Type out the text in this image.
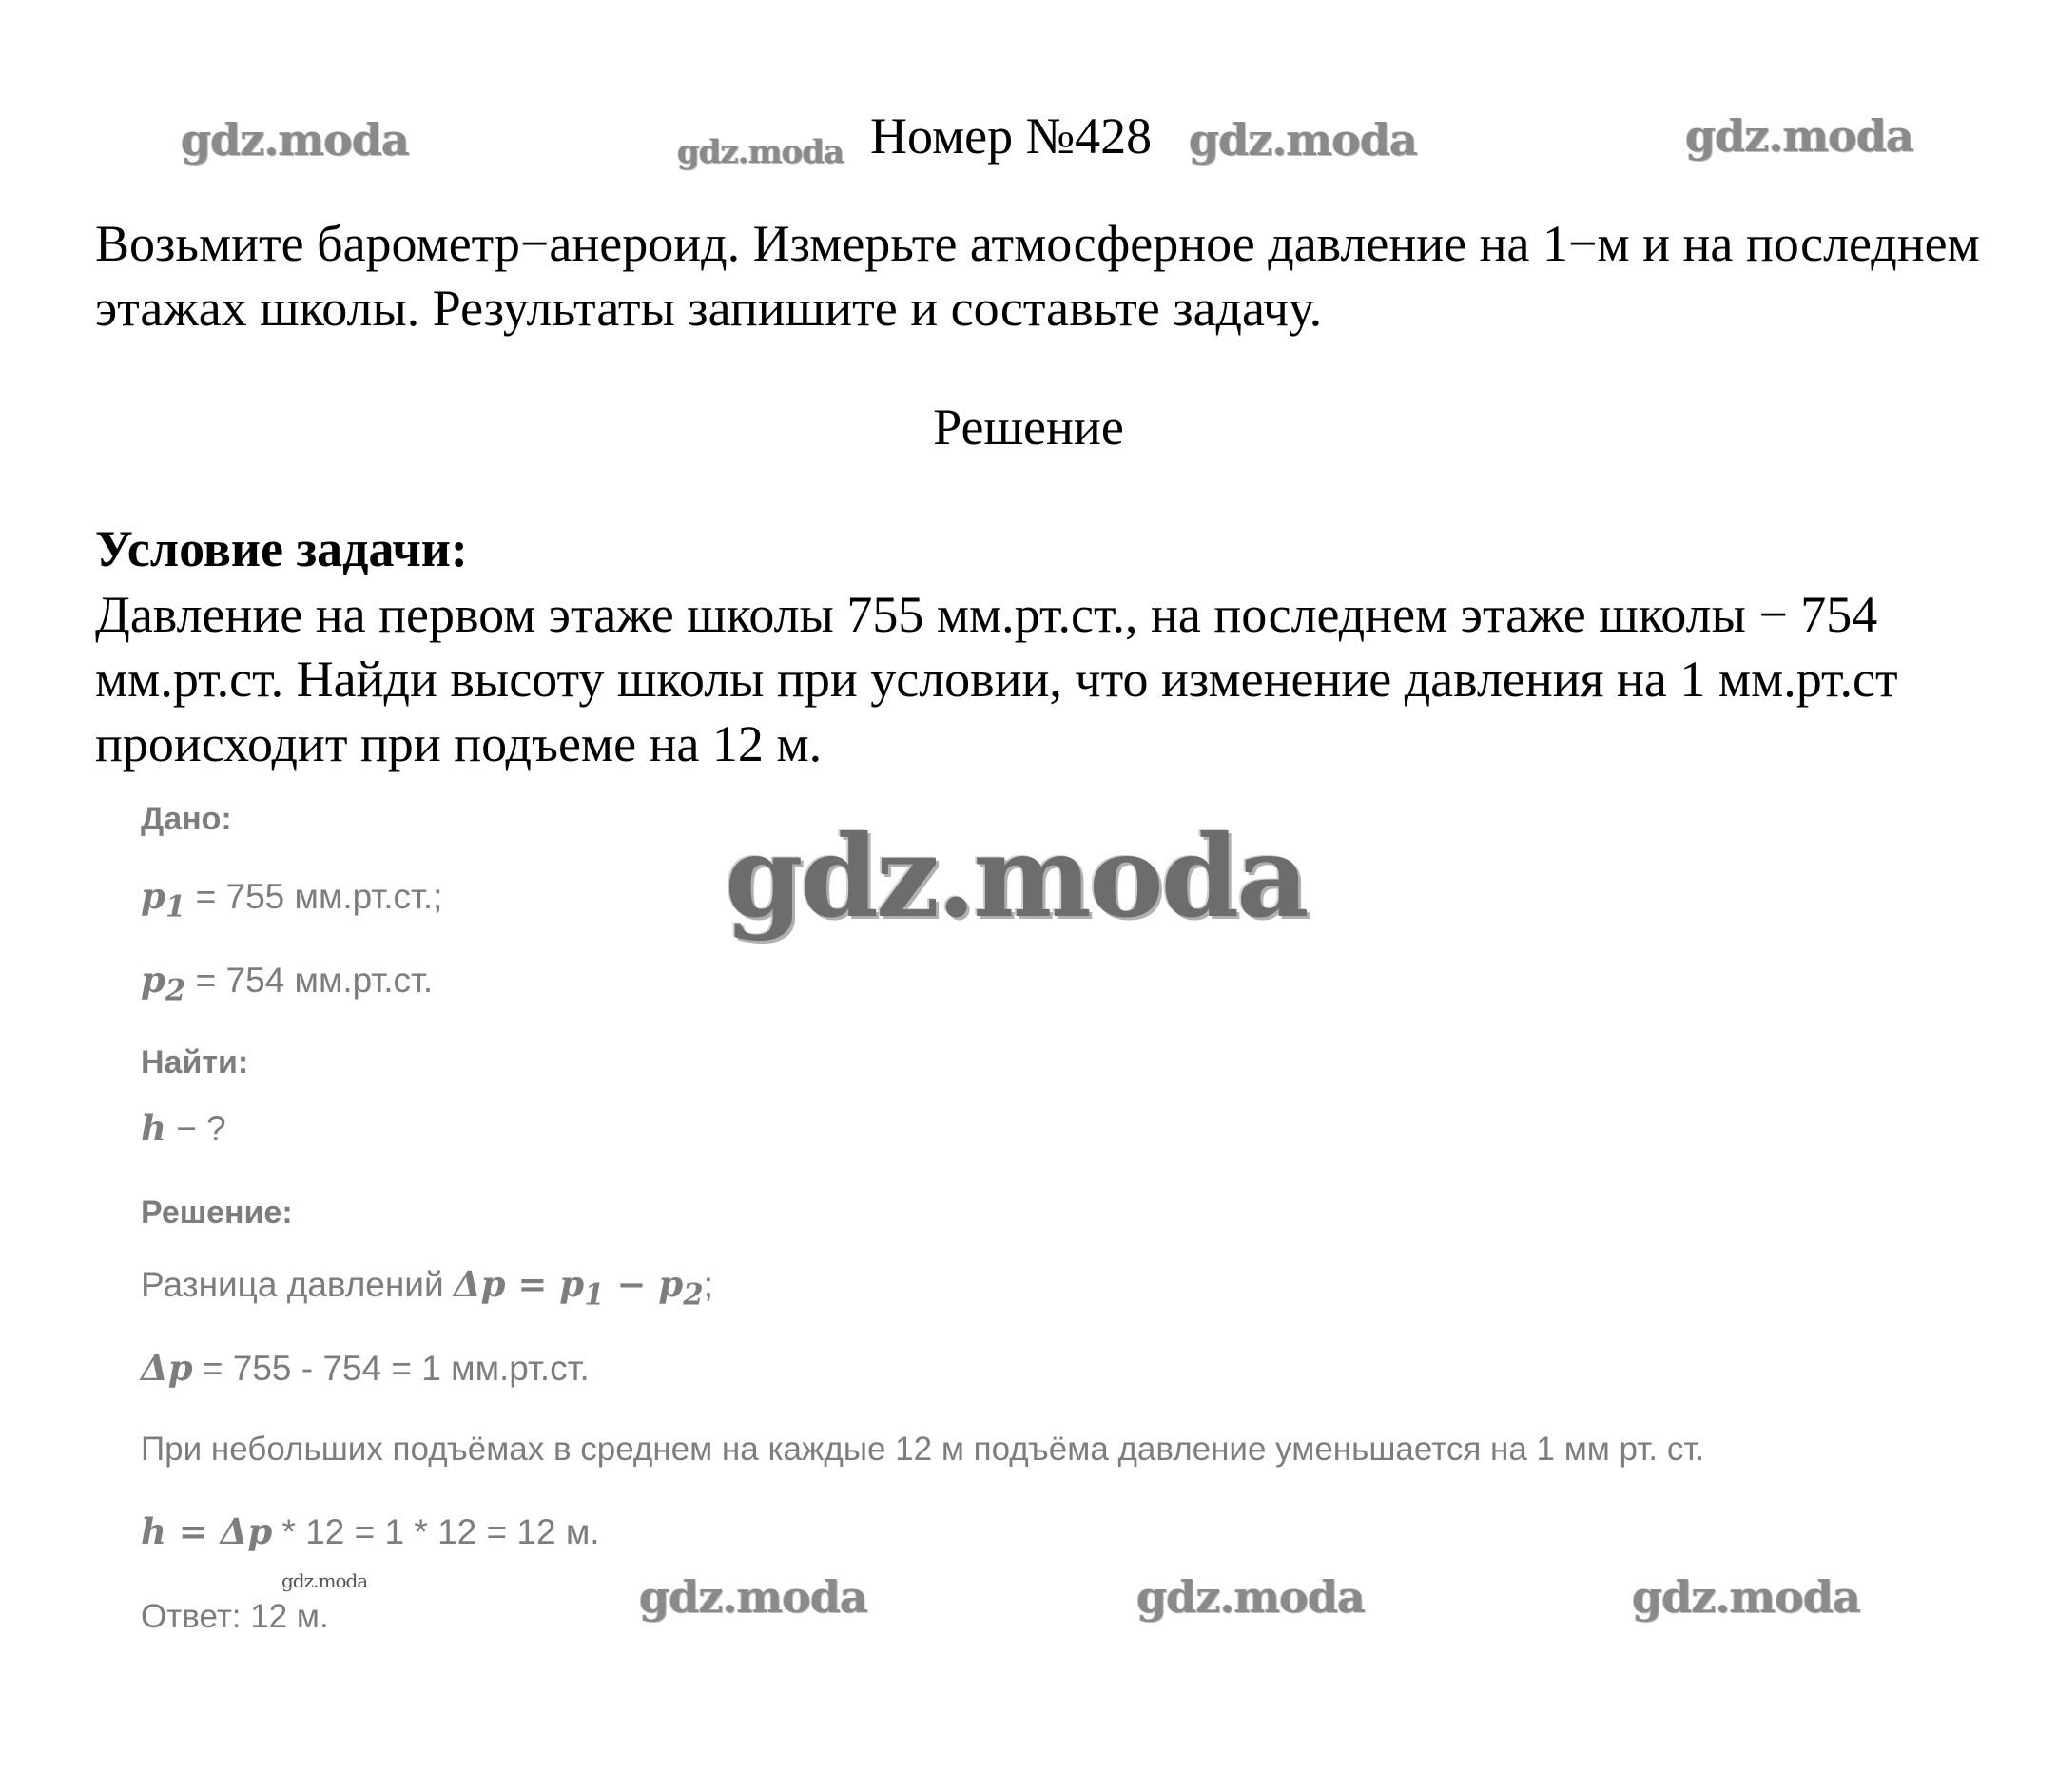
gdz.moda	gdz.moda	gdz.moda	gdz.moda
gdz.moda
gdz.moda	gdz.moda	gdz.moda	gdz.moda
Номер №428
Возьмите барометр−анероид. Измерьте атмосферное давление на 1−м и на последнем этажах школы. Результаты запишите и составьте задачу.
Решение
Условие задачи:
Давление на первом этаже школы 755 мм.рт.ст., на последнем этаже школы − 754 мм.рт.ст. Найди высоту школы при условии, что изменение давления на 1 мм.рт.ст происходит при подъеме на 12 м.
Дано:
$p_1 = 755$ мм.рт.ст.;
$p_2 = 754$ мм.рт.ст.
Найти:
h − ?
Решение:
Разница давлений $\Delta p = p_1 - p_2$;
Δp = 755 - 754 = 1 мм.рт.ст.
При небольших подъёмах в среднем на каждые 12 м подъёма давление уменьшается на 1 мм рт. ст.
h = Δp * 12 = 1 * 12 = 12 м.
Ответ: 12 м.
